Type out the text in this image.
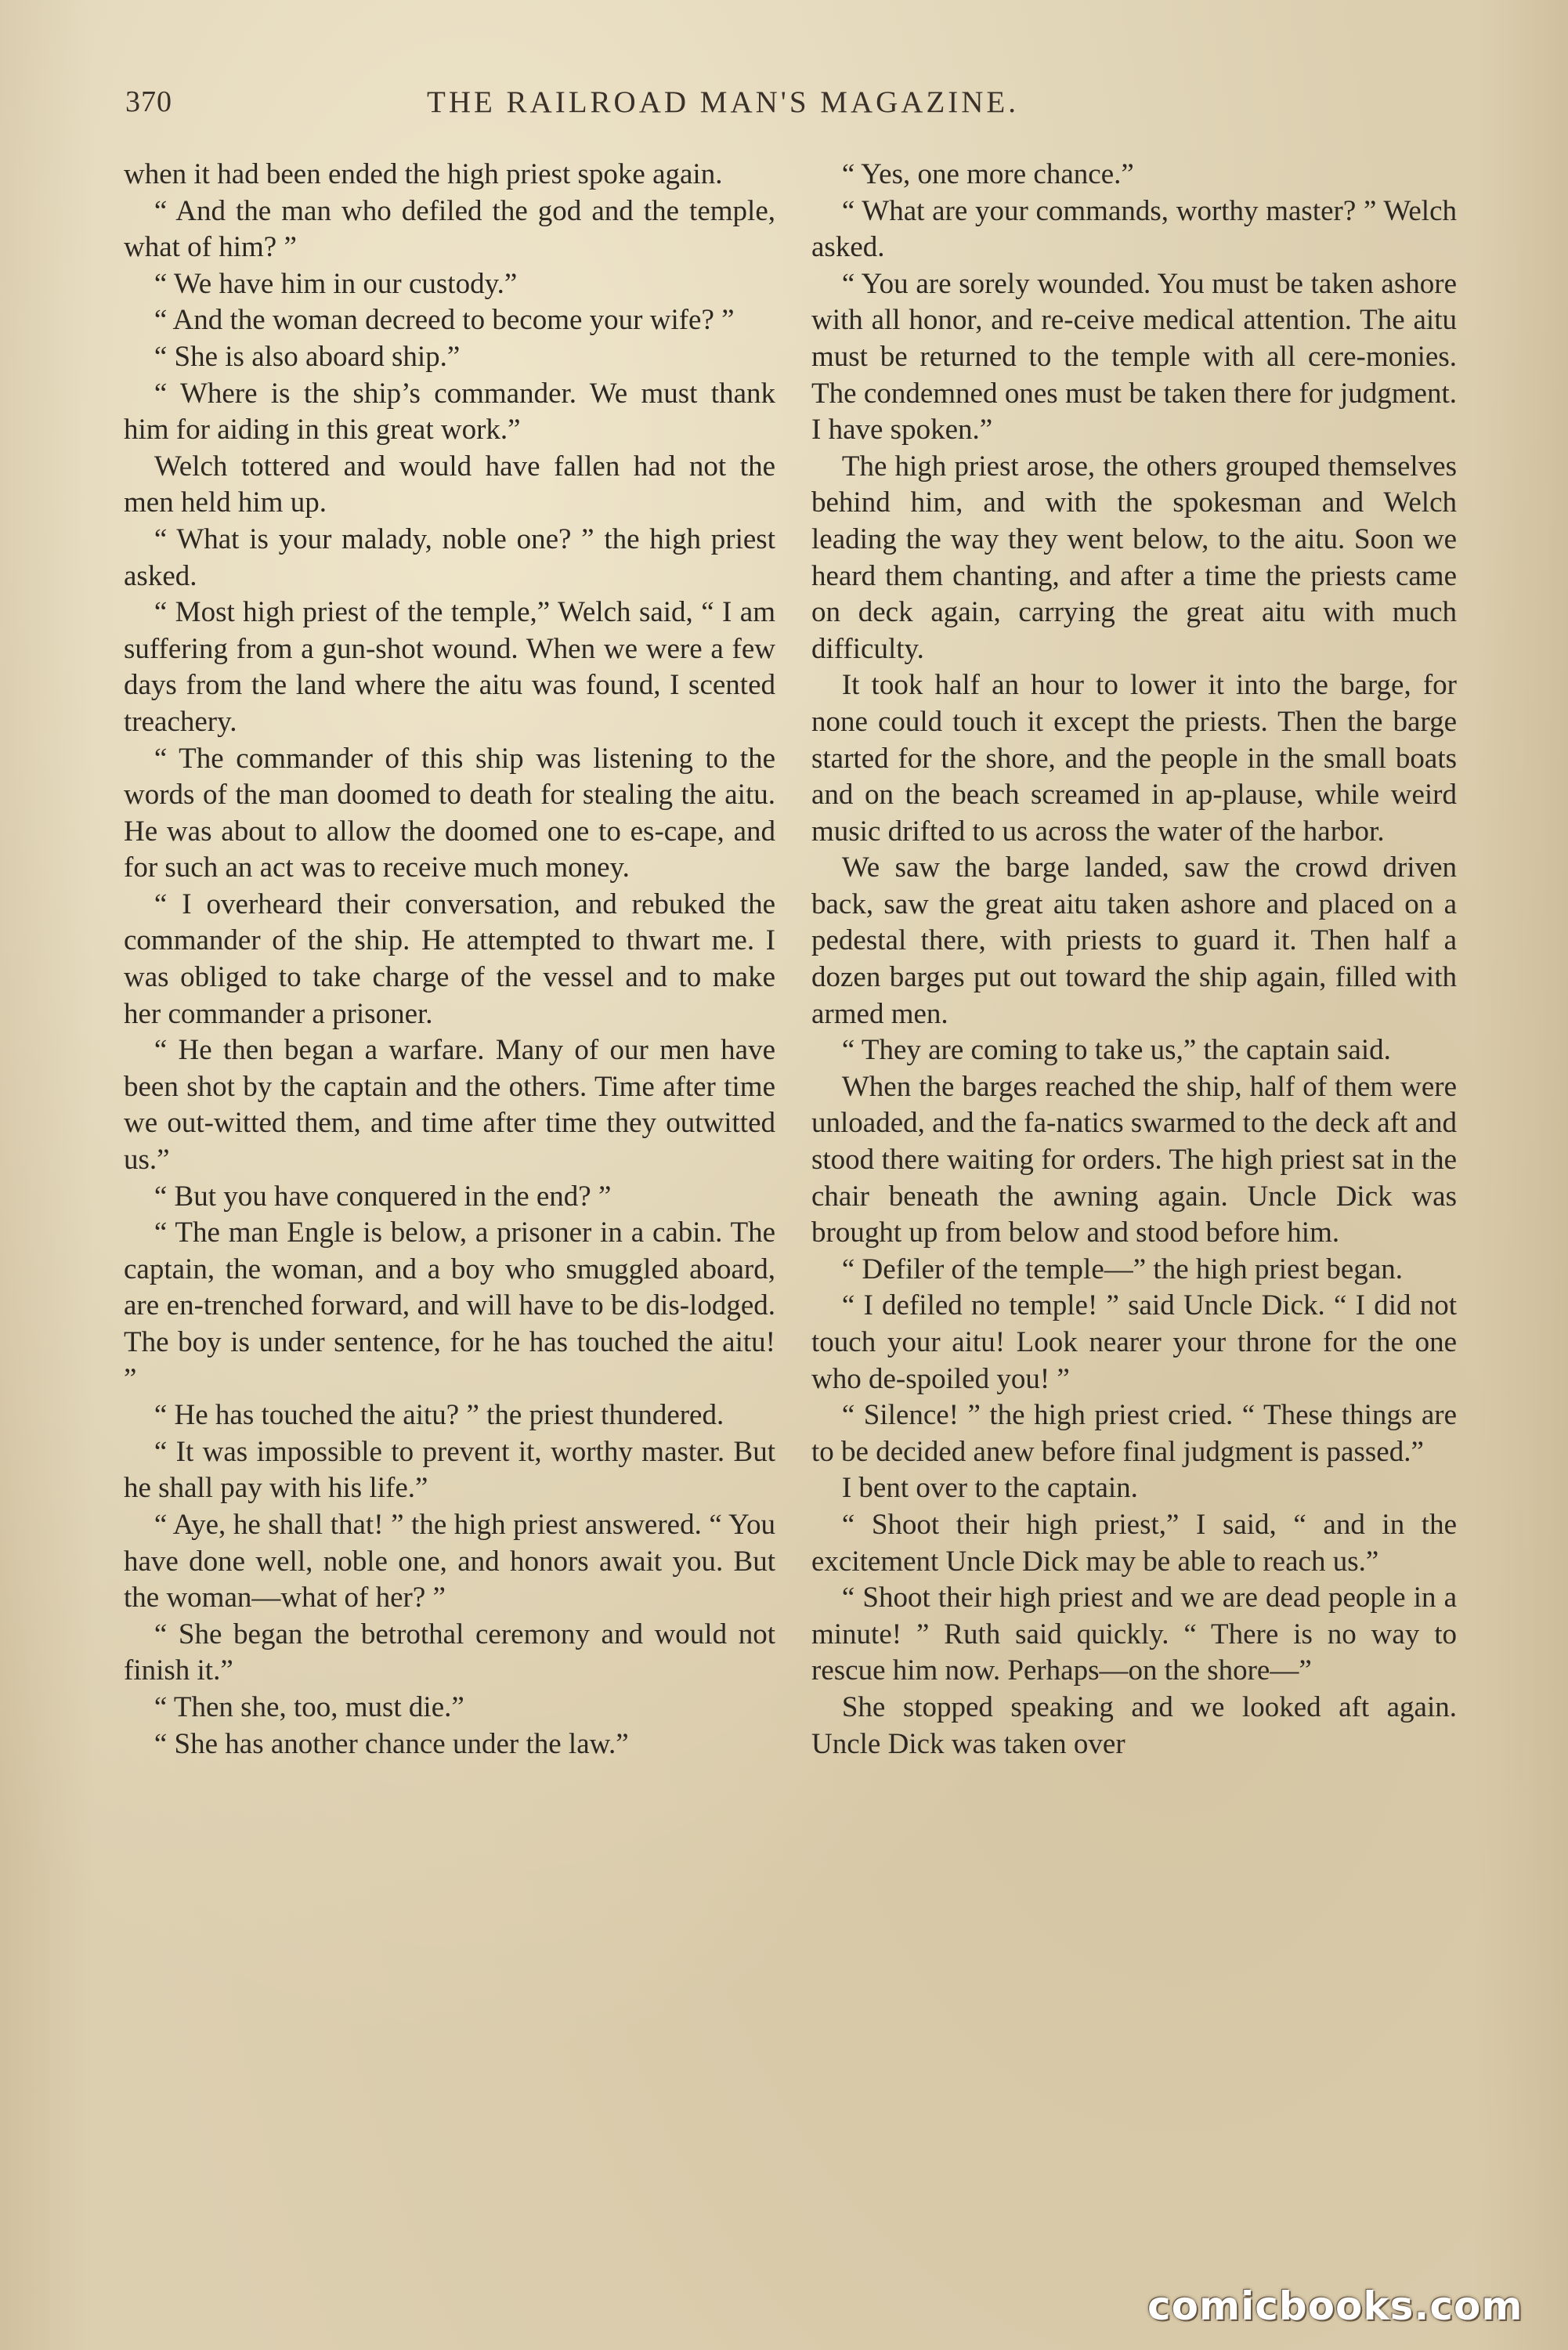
370	THE RAILROAD MAN'S MAGAZINE.

when it had been ended the high priest spoke again.

“ And the man who defiled the god and the temple, what of him? ”

“ We have him in our custody.”

“ And the woman decreed to become your wife? ”

“ She is also aboard ship.”

“ Where is the ship’s commander. We must thank him for aiding in this great work.”

Welch tottered and would have fallen had not the men held him up.

“ What is your malady, noble one? ” the high priest asked.

“ Most high priest of the temple,” Welch said, “ I am suffering from a gun-shot wound. When we were a few days from the land where the aitu was found, I scented treachery.

“ The commander of this ship was listening to the words of the man doomed to death for stealing the aitu. He was about to allow the doomed one to es-cape, and for such an act was to receive much money.

“ I overheard their conversation, and rebuked the commander of the ship. He attempted to thwart me. I was obliged to take charge of the vessel and to make her commander a prisoner.

“ He then began a warfare. Many of our men have been shot by the captain and the others. Time after time we out-witted them, and time after time they outwitted us.”

“ But you have conquered in the end? ”

“ The man Engle is below, a prisoner in a cabin. The captain, the woman, and a boy who smuggled aboard, are en-trenched forward, and will have to be dis-lodged. The boy is under sentence, for he has touched the aitu! ”

“ He has touched the aitu? ” the priest thundered.

“ It was impossible to prevent it, worthy master. But he shall pay with his life.”

“ Aye, he shall that! ” the high priest answered. “ You have done well, noble one, and honors await you. But the woman—what of her? ”

“ She began the betrothal ceremony and would not finish it.”

“ Then she, too, must die.”

“ She has another chance under the law.”

“ Yes, one more chance.”

“ What are your commands, worthy master? ” Welch asked.

“ You are sorely wounded. You must be taken ashore with all honor, and re-ceive medical attention. The aitu must be returned to the temple with all cere-monies. The condemned ones must be taken there for judgment. I have spoken.”

The high priest arose, the others grouped themselves behind him, and with the spokesman and Welch leading the way they went below, to the aitu. Soon we heard them chanting, and after a time the priests came on deck again, carrying the great aitu with much difficulty.

It took half an hour to lower it into the barge, for none could touch it except the priests. Then the barge started for the shore, and the people in the small boats and on the beach screamed in ap-plause, while weird music drifted to us across the water of the harbor.

We saw the barge landed, saw the crowd driven back, saw the great aitu taken ashore and placed on a pedestal there, with priests to guard it. Then half a dozen barges put out toward the ship again, filled with armed men.

“ They are coming to take us,” the captain said.

When the barges reached the ship, half of them were unloaded, and the fa-natics swarmed to the deck aft and stood there waiting for orders. The high priest sat in the chair beneath the awning again. Uncle Dick was brought up from below and stood before him.

“ Defiler of the temple—” the high priest began.

“ I defiled no temple! ” said Uncle Dick. “ I did not touch your aitu! Look nearer your throne for the one who de-spoiled you! ”

“ Silence! ” the high priest cried. “ These things are to be decided anew before final judgment is passed.”

I bent over to the captain.

“ Shoot their high priest,” I said, “ and in the excitement Uncle Dick may be able to reach us.”

“ Shoot their high priest and we are dead people in a minute! ” Ruth said quickly. “ There is no way to rescue him now. Perhaps—on the shore—”

She stopped speaking and we looked aft again. Uncle Dick was taken over

comicbooks.com
